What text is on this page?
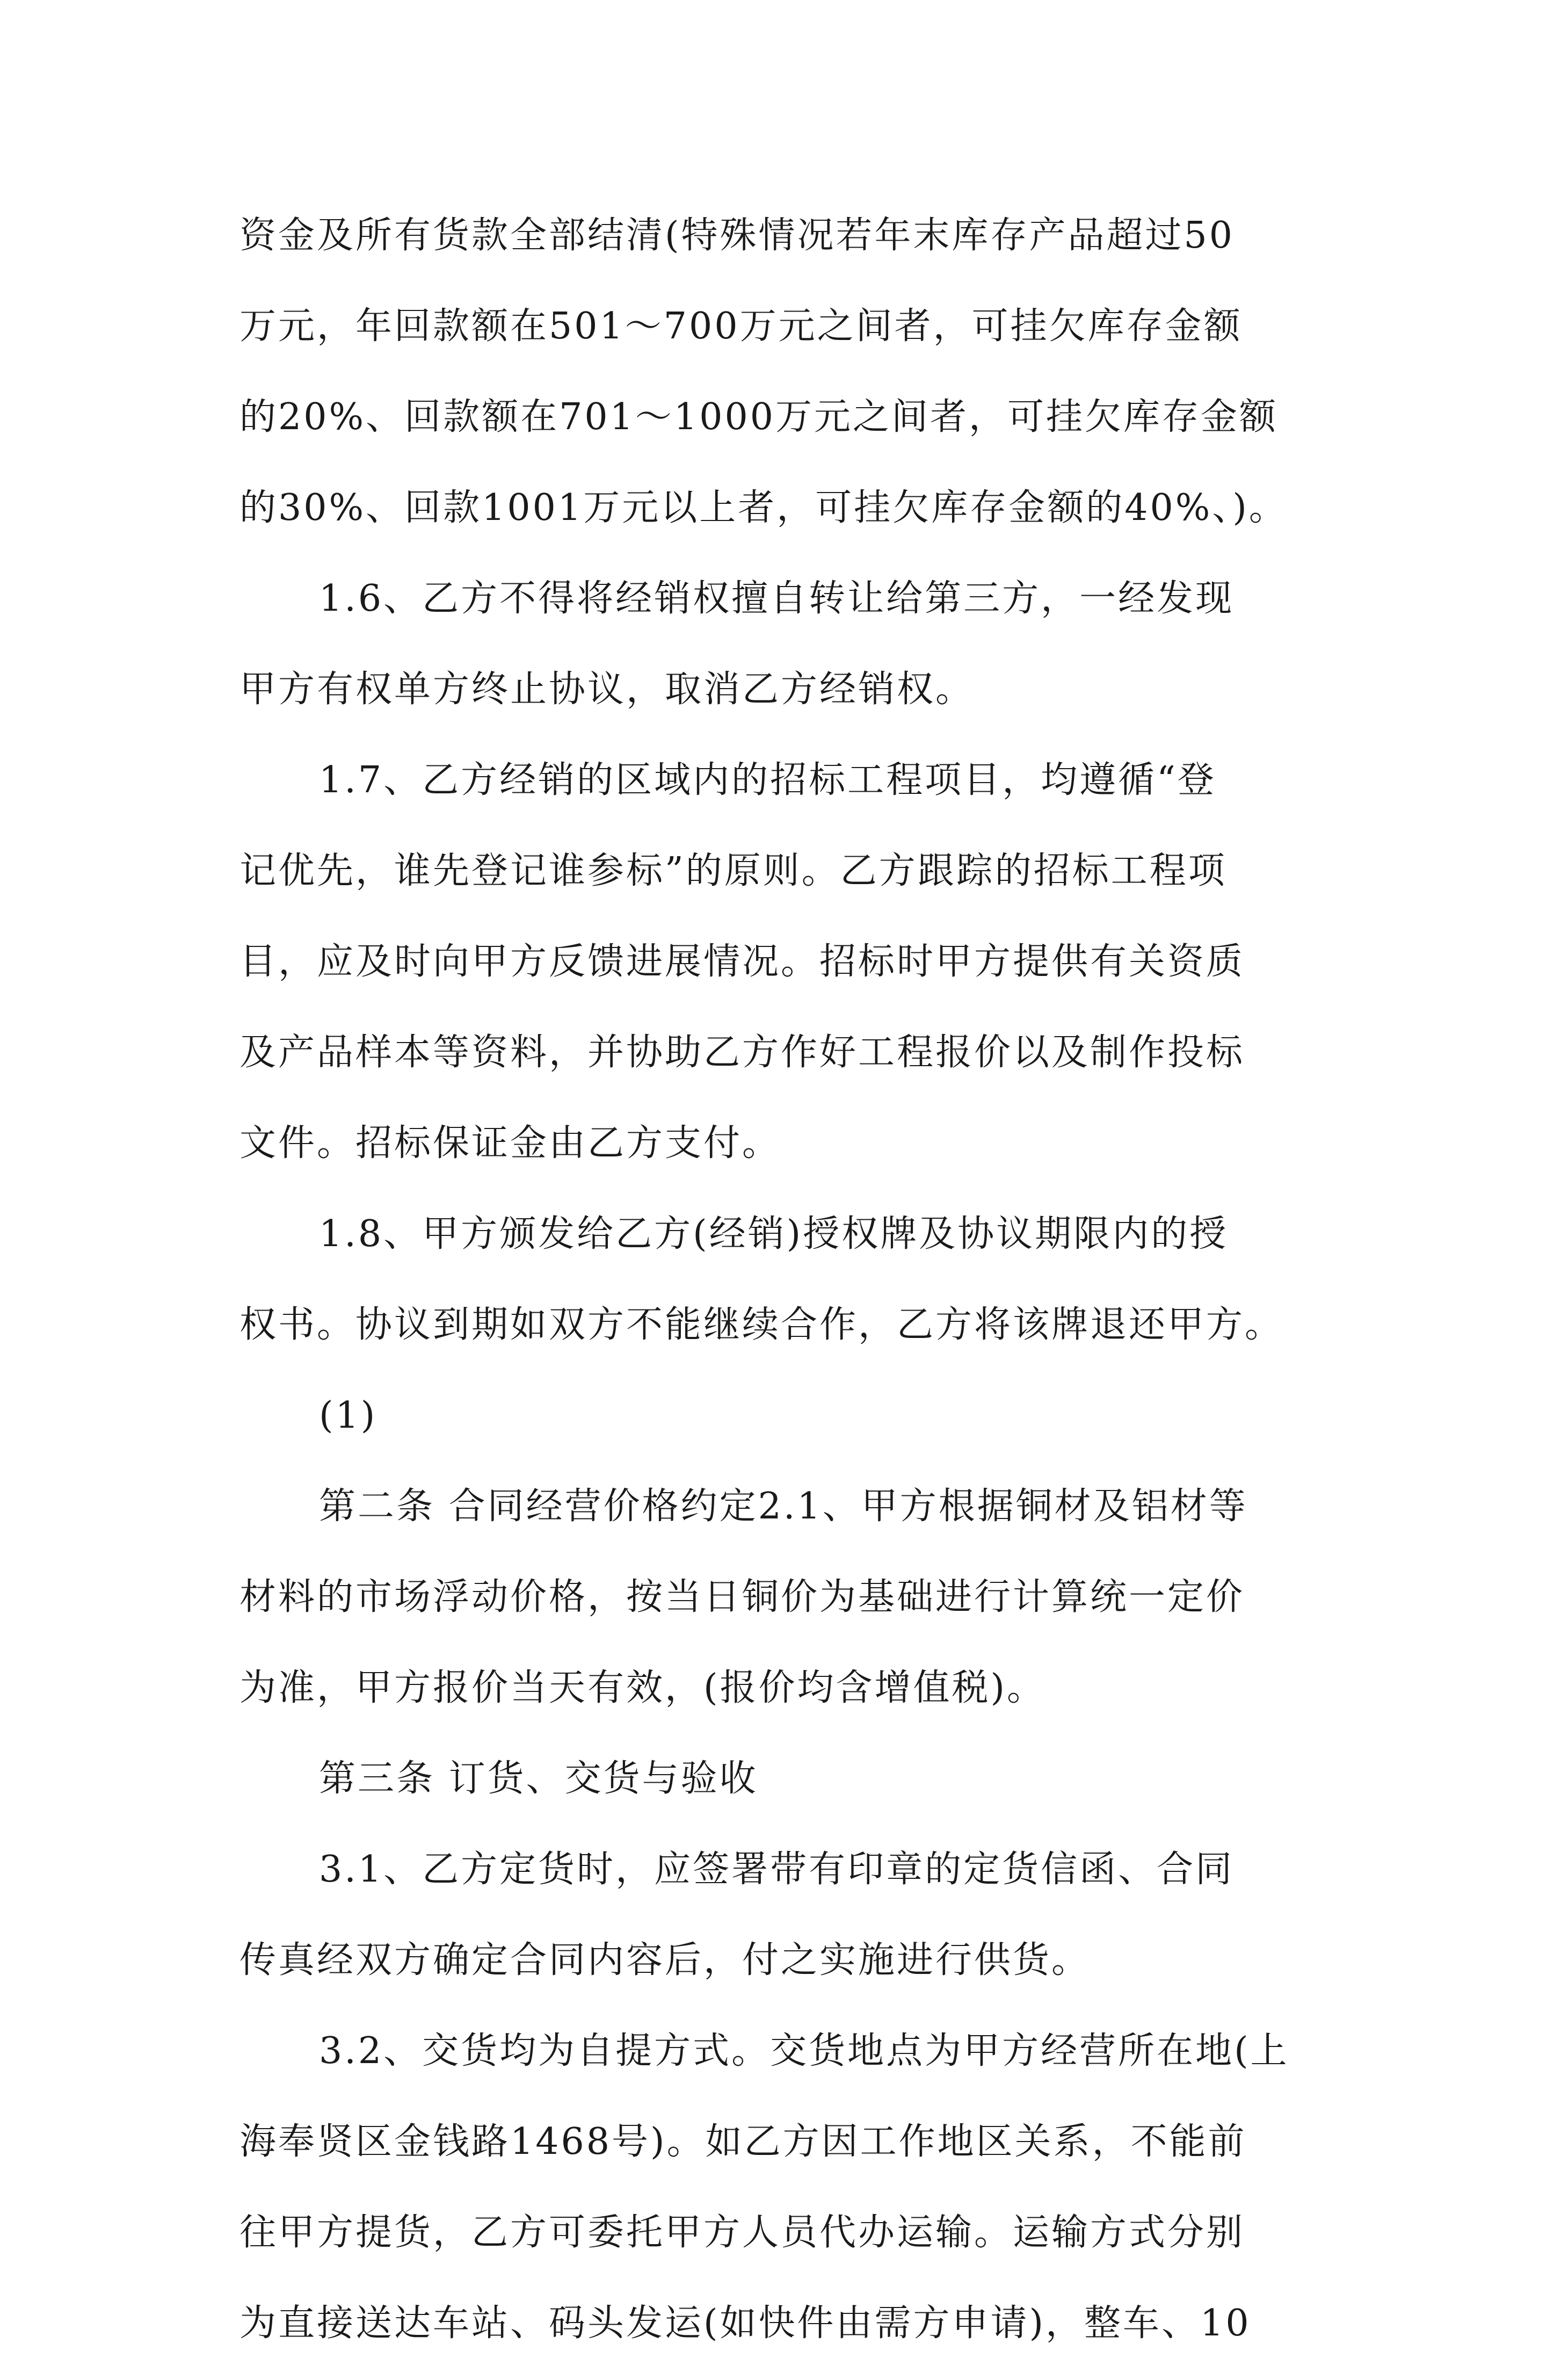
资金及所有货款全部结清(特殊情况若年末库存产品超过50
万元，年回款额在501～700万元之间者，可挂欠库存金额
的20%、回款额在701～1000万元之间者，可挂欠库存金额
的30%、回款1001万元以上者，可挂欠库存金额的40%、)。
1.6、乙方不得将经销权擅自转让给第三方，一经发现
甲方有权单方终止协议，取消乙方经销权。
1.7、乙方经销的区域内的招标工程项目，均遵循“登
记优先，谁先登记谁参标”的原则。乙方跟踪的招标工程项
目，应及时向甲方反馈进展情况。招标时甲方提供有关资质
及产品样本等资料，并协助乙方作好工程报价以及制作投标
文件。招标保证金由乙方支付。
1.8、甲方颁发给乙方(经销)授权牌及协议期限内的授
权书。协议到期如双方不能继续合作，乙方将该牌退还甲方。
(1)
第二条 合同经营价格约定2.1、甲方根据铜材及铝材等
材料的市场浮动价格，按当日铜价为基础进行计算统一定价
为准，甲方报价当天有效，(报价均含增值税)。
第三条 订货、交货与验收
3.1、乙方定货时，应签署带有印章的定货信函、合同
传真经双方确定合同内容后，付之实施进行供货。
3.2、交货均为自提方式。交货地点为甲方经营所在地(上
海奉贤区金钱路1468号)。如乙方因工作地区关系，不能前
往甲方提货，乙方可委托甲方人员代办运输。运输方式分别
为直接送达车站、码头发运(如快件由需方申请)，整车、10
